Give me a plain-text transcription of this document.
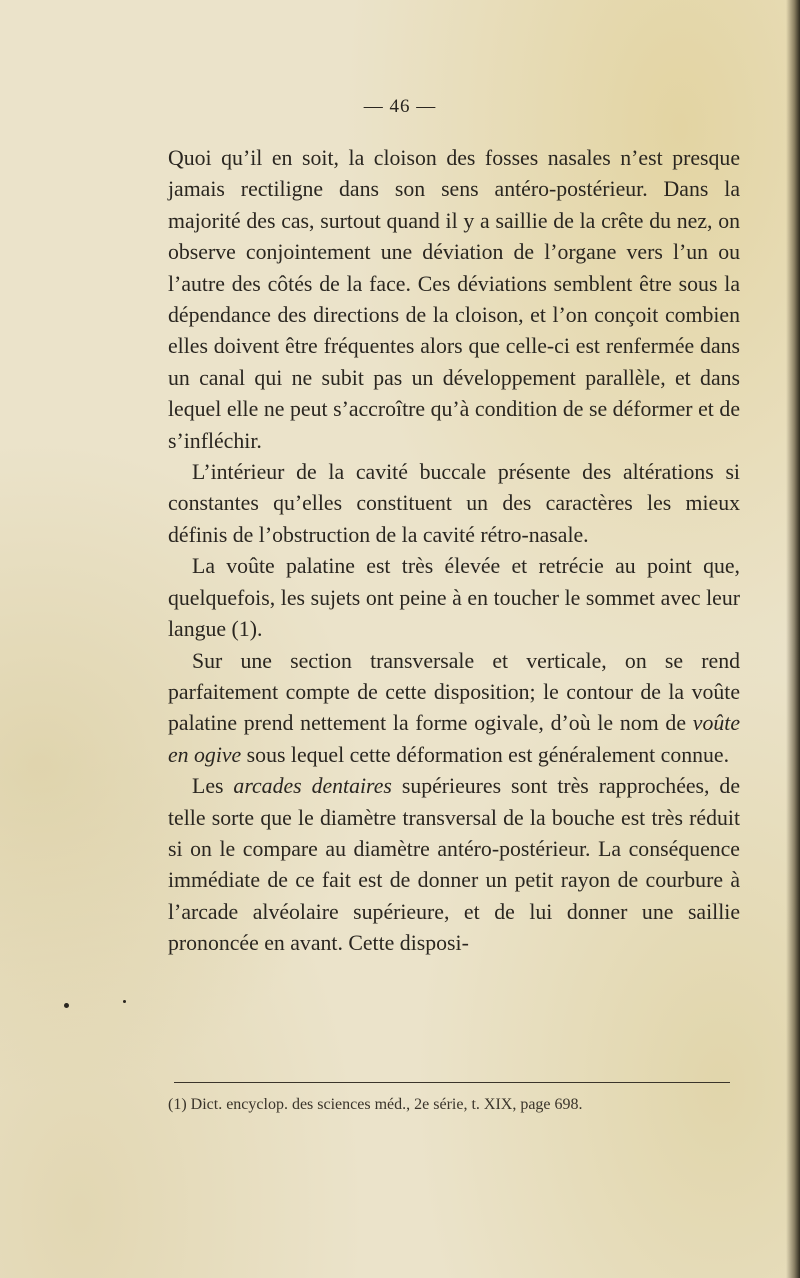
— 46 —

Quoi qu’il en soit, la cloison des fosses nasales n’est presque jamais rectiligne dans son sens antéro-postérieur. Dans la majorité des cas, surtout quand il y a saillie de la crête du nez, on observe conjointement une déviation de l’organe vers l’un ou l’autre des côtés de la face. Ces déviations semblent être sous la dépendance des directions de la cloison, et l’on conçoit combien elles doivent être fréquentes alors que celle-ci est renfermée dans un canal qui ne subit pas un développement parallèle, et dans lequel elle ne peut s’accroître qu’à condition de se déformer et de s’infléchir.

L’intérieur de la cavité buccale présente des altérations si constantes qu’elles constituent un des caractères les mieux définis de l’obstruction de la cavité rétro-nasale.

La voûte palatine est très élevée et retrécie au point que, quelquefois, les sujets ont peine à en toucher le sommet avec leur langue (1).

Sur une section transversale et verticale, on se rend parfaitement compte de cette disposition; le contour de la voûte palatine prend nettement la forme ogivale, d’où le nom de voûte en ogive sous lequel cette déformation est généralement connue.

Les arcades dentaires supérieures sont très rapprochées, de telle sorte que le diamètre transversal de la bouche est très réduit si on le compare au diamètre antéro-postérieur. La conséquence immédiate de ce fait est de donner un petit rayon de courbure à l’arcade alvéolaire supérieure, et de lui donner une saillie prononcée en avant. Cette disposi-

(1) Dict. encyclop. des sciences méd., 2e série, t. XIX, page 698.
